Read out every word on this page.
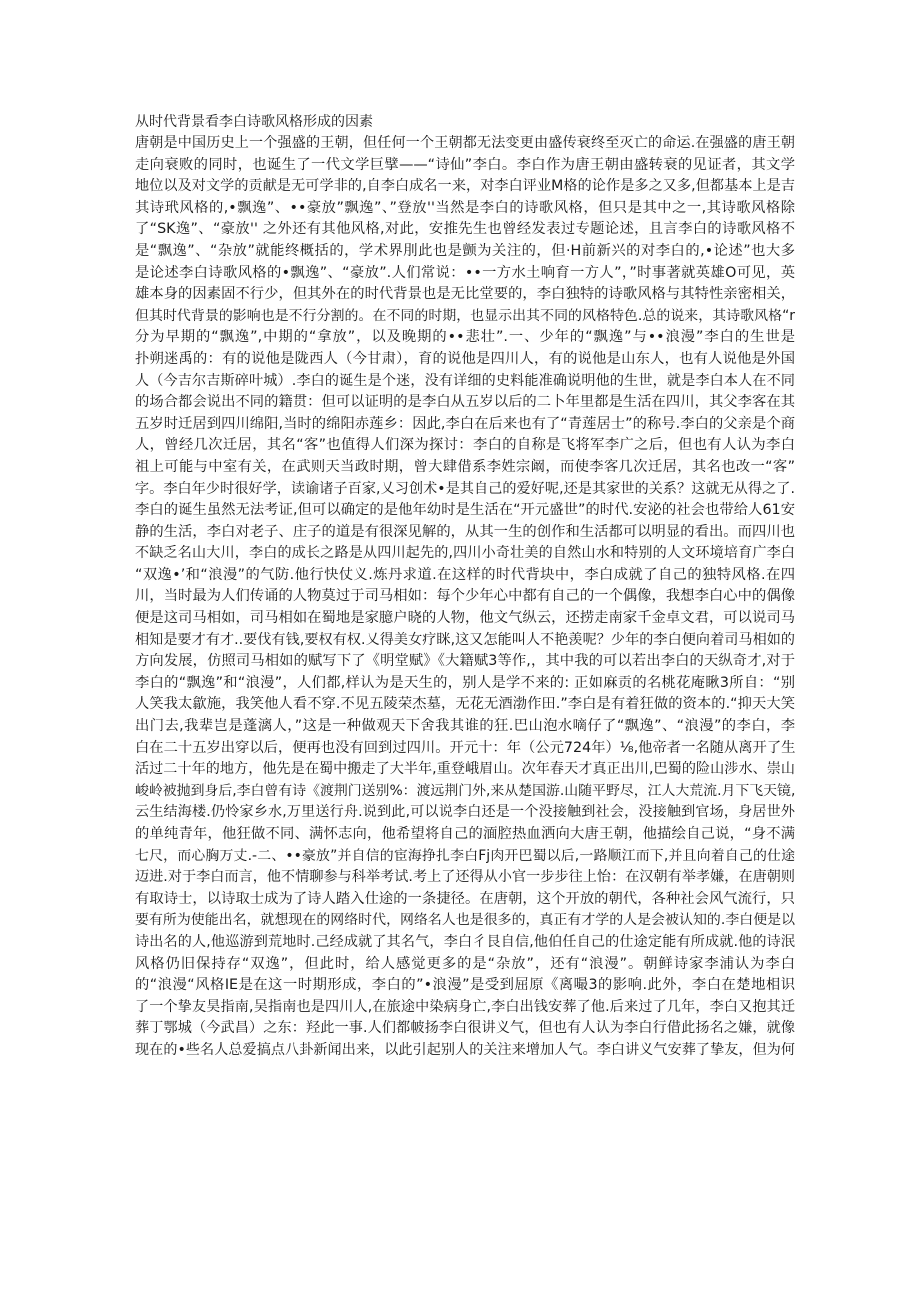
从时代背景看李白诗歌风格形成的因素
唐朝是中国历史上一个强盛的王朝，但任何一个王朝都无法变更由盛传衰终至灭亡的命运.在强盛的唐王朝
走向衰败的同时，也诞生了一代文学巨擘——“诗仙”李白。李白作为唐王朝由盛转衰的见证者，其文学
地位以及对文学的贡献是无可学非的,自李白成名一来，对李白评业M格的论作是多之又多,但都基本上是吉
其诗玳风格的,•飘逸”、••豪放”飘逸”、”登放''当然是李白的诗歌风格，但只是其中之一,其诗歌风格除
了“SK逸”、“豪放'' 之外还有其他风格,对此，安推先生也曾经发表过专题论述，且言李白的诗歌风格不
是“飘逸”、“杂放”就能终概括的，学术界刖此也是颤为关注的，但·H前新兴的对李白的,•论述”也大多
是论述李白诗歌风格的•飘逸”、“豪放”.人们常说：••一方水土响育一方人”，”时事著就英雄O可见，英
雄本身的因素固不行少，但其外在的时代背景也是无比堂要的，李白独特的诗歌风格与其特性亲密相关，
但其时代背景的影响也是不行分割的。在不同的时期，也显示出其不同的风格特色.总的说来，其诗歌风格“r
分为早期的“飘逸”,中期的“拿放”，以及晚期的••悲壮”.一、少年的“飘逸”与••浪漫”李白的生世是
扑朔迷禹的：有的说他是陇西人（今甘肃），育的说他是四川人，有的说他是山东人，也有人说他是外国
人（今吉尔吉斯碎叶城）.李白的诞生是个迷，没有详细的史料能准确说明他的生世，就是李白本人在不同
的场合都会说出不同的籍贯：但可以证明的是李白从五岁以后的二卜年里都是生活在四川，其父李客在其
五岁时迁居到四川绵阳,当时的绵阳赤莲乡：因此,李白在后来也有了“青莲居士”的称号.李白的父亲是个商
人，曾经几次迁居，其名“客”也值得人们深为探讨：李白的自称是飞将军李广之后，但也有人认为李白
祖上可能与中室有关，在武则天当政时期，曾大肆借系李姓宗阚，而使李客几次迁居，其名也改一“客”
字。李白年少时很好学，读谕诸子百家,乂习创术•是其自己的爱好呢,还是其家世的关系？这就无从得之了.
李白的诞生虽然无法考证,但可以确定的是他年幼时是生活在“开元盛世”的时代.安泌的社会也带给人61安
静的生活，李白对老子、庄子的道是有很深见解的，从其一生的创作和生活都可以明显的看出。而四川也
不缺乏名山大川，李白的成长之路是从四川起先的,四川小奇壮美的自然山水和特别的人文环境培育广李白
“双逸•’和“浪漫”的气防.他行快仗义.炼丹求道.在这样的时代背块中，李白成就了自己的独特风格.在四
川，当时最为人们传诵的人物莫过于司马相如：每个少年心中都有自己的一个偶像，我想李白心中的偶像
便是这司马相如，司马相如在蜀地是家臆户晓的人物，他文气纵云，还捞走南家千金卓文君，可以说司马
相知是要才有才..要伐有钱,要权有权.乂得美女疗眯,这又怎能叫人不艳羡呢？少年的李白便向着司马相如的
方向发展，仿照司马相如的赋写下了《明堂赋》《大籍赋3等作,，其中我的可以若出李白的天纵奇才,对于
李白的“飘逸”和“浪漫”，人们都,样认为是天生的，别人是学不来的: 正如麻贡的名桃花庵瞅3所自：“别
人笑我太歙施，我笑他人看不穿.不见五陵荣杰墓，无花无酒渤作田.”李白是有着狂做的资本的.“抑天大笑
出门去,我辈岂是蓬漓人，”这是一种做观天下舍我其谁的狂.巴山泡水嘀仔了“飘逸”、“浪漫”的李白，李
白在二十五岁出穿以后，便再也没有回到过四川。开元十：年（公元724年）⅛,他帝者一名随从离开了生
活过二十年的地方，他先是在蜀中搬走了大半年,重登峨眉山。次年春天才真正出川,巴蜀的险山涉水、崇山
峻岭被抛到身后,李白曾有诗《渡荆门送别%：渡远荆门外,来从楚国游.山随平野尽，江人大荒流.月下飞天镜,
云生结海楼.仍怜家乡水,万里送行舟.说到此,可以说李白还是一个没接触到社会，没接触到官场，身居世外
的单纯青年，他狂做不同、满怀志向，他希望将自己的湎腔热血洒向大唐王朝，他描绘自己说，“身不满
七尺，而心胸万丈.-二、••豪放”并自信的宦海挣扎李白Fj肉开巴蜀以后,一路顺江而下,并且向着自己的仕途
迈进.对于李白而言，他不情聊参与科举考试.考上了还得从小官一步步往上怡：在汉朝有举孝嫌，在唐朝则
有取诗士，以诗取士成为了诗人踏入仕途的一条捷径。在唐朝，这个开放的朝代，各种社会风气流行，只
要有所为使能出名，就想现在的网络时代，网络名人也是很多的，真正有才学的人是会被认知的.李白便是以
诗出名的人,他巡游到荒地时.己经成就了其名气，李白彳艮自信,他伯任自己的仕途定能有所成就.他的诗泯
风格仍旧保持存“双逸”，但此时，给人感觉更多的是“杂放”，还有“浪漫”。朝鲜诗家李浦认为李白
的“浪漫“风格IE是在这一时期形成，李白的”•浪漫”是受到屈原《离嘬3的影响.此外，李白在楚地相识
了一个挚友昊指南,吴指南也是四川人,在旅途中染病身亡,李白出钱安葬了他.后来过了几年，李白又抱其迁
葬丁鄂城（今武昌）之东：羟此一事.人们都帔扬李白很讲义气，但也有人认为李白行借此扬名之嫌，就像
现在的•些名人总爱搞点八卦新闻出来，以此引起别人的关注来增加人气。李白讲义气安葬了挚友，但为何
